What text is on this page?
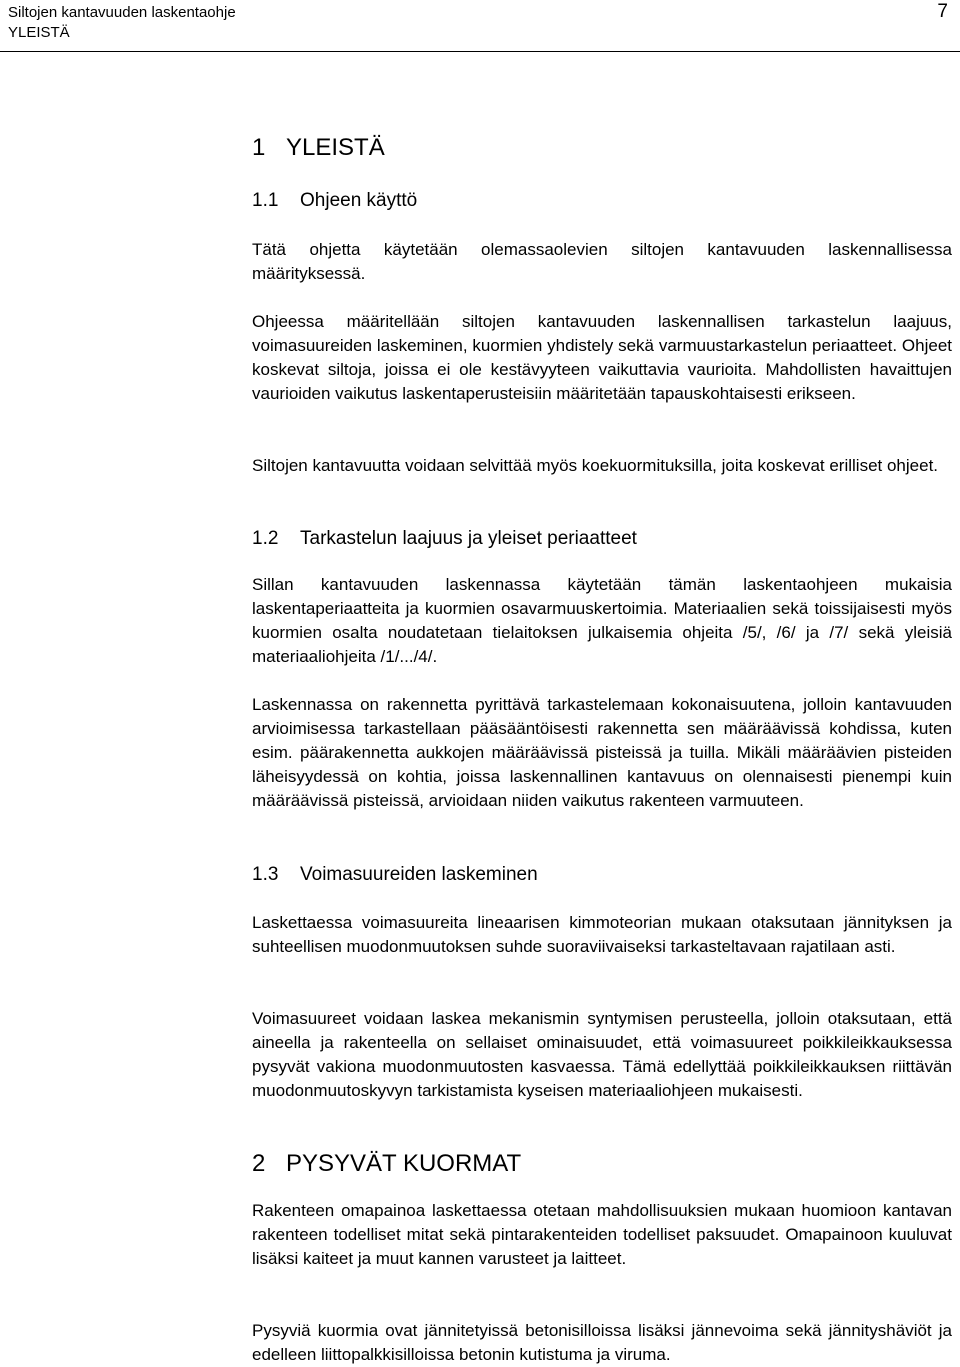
Siltojen kantavuuden laskentaohje
YLEISTÄ
7
1 YLEISTÄ
1.1 Ohjeen käyttö

Tätä ohjetta käytetään olemassaolevien siltojen kantavuuden laskennallisessa määrityksessä.

Ohjeessa määritellään siltojen kantavuuden laskennallisen tarkastelun laajuus, voimasuureiden laskeminen, kuormien yhdistely sekä varmuustarkastelun periaatteet. Ohjeet koskevat siltoja, joissa ei ole kestävyyteen vaikuttavia vaurioita. Mahdollisten havaittujen vaurioiden vaikutus laskentaperusteisiin määritetään tapauskohtaisesti erikseen.

Siltojen kantavuutta voidaan selvittää myös koekuormituksilla, joita koskevat erilliset ohjeet.

1.2 Tarkastelun laajuus ja yleiset periaatteet

Sillan kantavuuden laskennassa käytetään tämän laskentaohjeen mukaisia laskentaperiaatteita ja kuormien osavarmuuskertoimia. Materiaalien sekä toissijaisesti myös kuormien osalta noudatetaan tielaitoksen julkaisemia ohjeita /5/, /6/ ja /7/ sekä yleisiä materiaaliohjeita /1/.../4/.

Laskennassa on rakennetta pyrittävä tarkastelemaan kokonaisuutena, jolloin kantavuuden arvioimisessa tarkastellaan pääsääntöisesti rakennetta sen määräävissä kohdissa, kuten esim. päärakennetta aukkojen määräävissä pisteissä ja tuilla. Mikäli määräävien pisteiden läheisyydessä on kohtia, joissa laskennallinen kantavuus on olennaisesti pienempi kuin määräävissä pisteissä, arvioidaan niiden vaikutus rakenteen varmuuteen.

1.3 Voimasuureiden laskeminen

Laskettaessa voimasuureita lineaarisen kimmoteorian mukaan otaksutaan jännityksen ja suhteellisen muodonmuutoksen suhde suoraviivaiseksi tarkasteltavaan rajatilaan asti.

Voimasuureet voidaan laskea mekanismin syntymisen perusteella, jolloin otaksutaan, että aineella ja rakenteella on sellaiset ominaisuudet, että voimasuureet poikkileikkauksessa pysyvät vakiona muodonmuutosten kasvaessa. Tämä edellyttää poikkileikkauksen riittävän muodonmuutoskyvyn tarkistamista kyseisen materiaaliohjeen mukaisesti.

2 PYSYVÄT KUORMAT

Rakenteen omapainoa laskettaessa otetaan mahdollisuuksien mukaan huomioon kantavan rakenteen todelliset mitat sekä pintarakenteiden todelliset paksuudet. Omapainoon kuuluvat lisäksi kaiteet ja muut kannen varusteet ja laitteet.

Pysyviä kuormia ovat jännitetyissä betonisilloissa lisäksi jännevoima sekä jännityshäviöt ja edelleen liittopalkkisilloissa betonin kutistuma ja viruma.
